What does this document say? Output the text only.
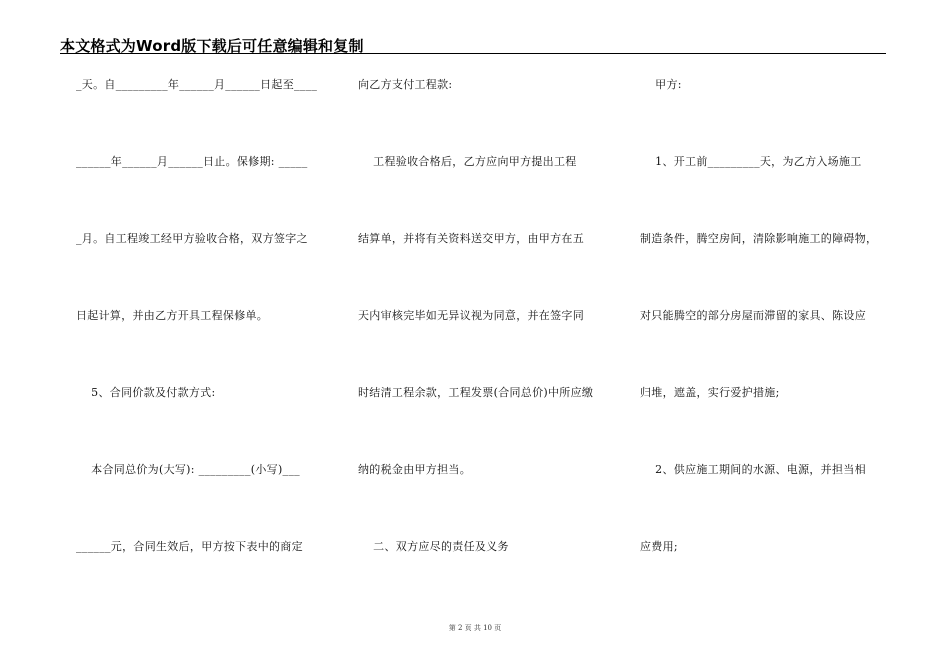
本文格式为Word版下载后可任意编辑和复制
_天。自_________年______月______日起至____
______年______月______日止。保修期: _____
_月。自工程竣工经甲方验收合格，双方签字之
日起计算，并由乙方开具工程保修单。
5、合同价款及付款方式:
本合同总价为(大写): _________(小写)___
______元，合同生效后，甲方按下表中的商定
向乙方支付工程款:
工程验收合格后，乙方应向甲方提出工程
结算单，并将有关资料送交甲方，由甲方在五
天内审核完毕如无异议视为同意，并在签字同
时结清工程余款，工程发票(合同总价)中所应缴
纳的税金由甲方担当。
二、双方应尽的责任及义务
甲方:
1、开工前_________天，为乙方入场施工
制造条件，腾空房间，清除影响施工的障碍物，
对只能腾空的部分房屋而滞留的家具、陈设应
归堆，遮盖，实行爱护措施;
2、供应施工期间的水源、电源，并担当相
应费用;
第 2 页 共 10 页
